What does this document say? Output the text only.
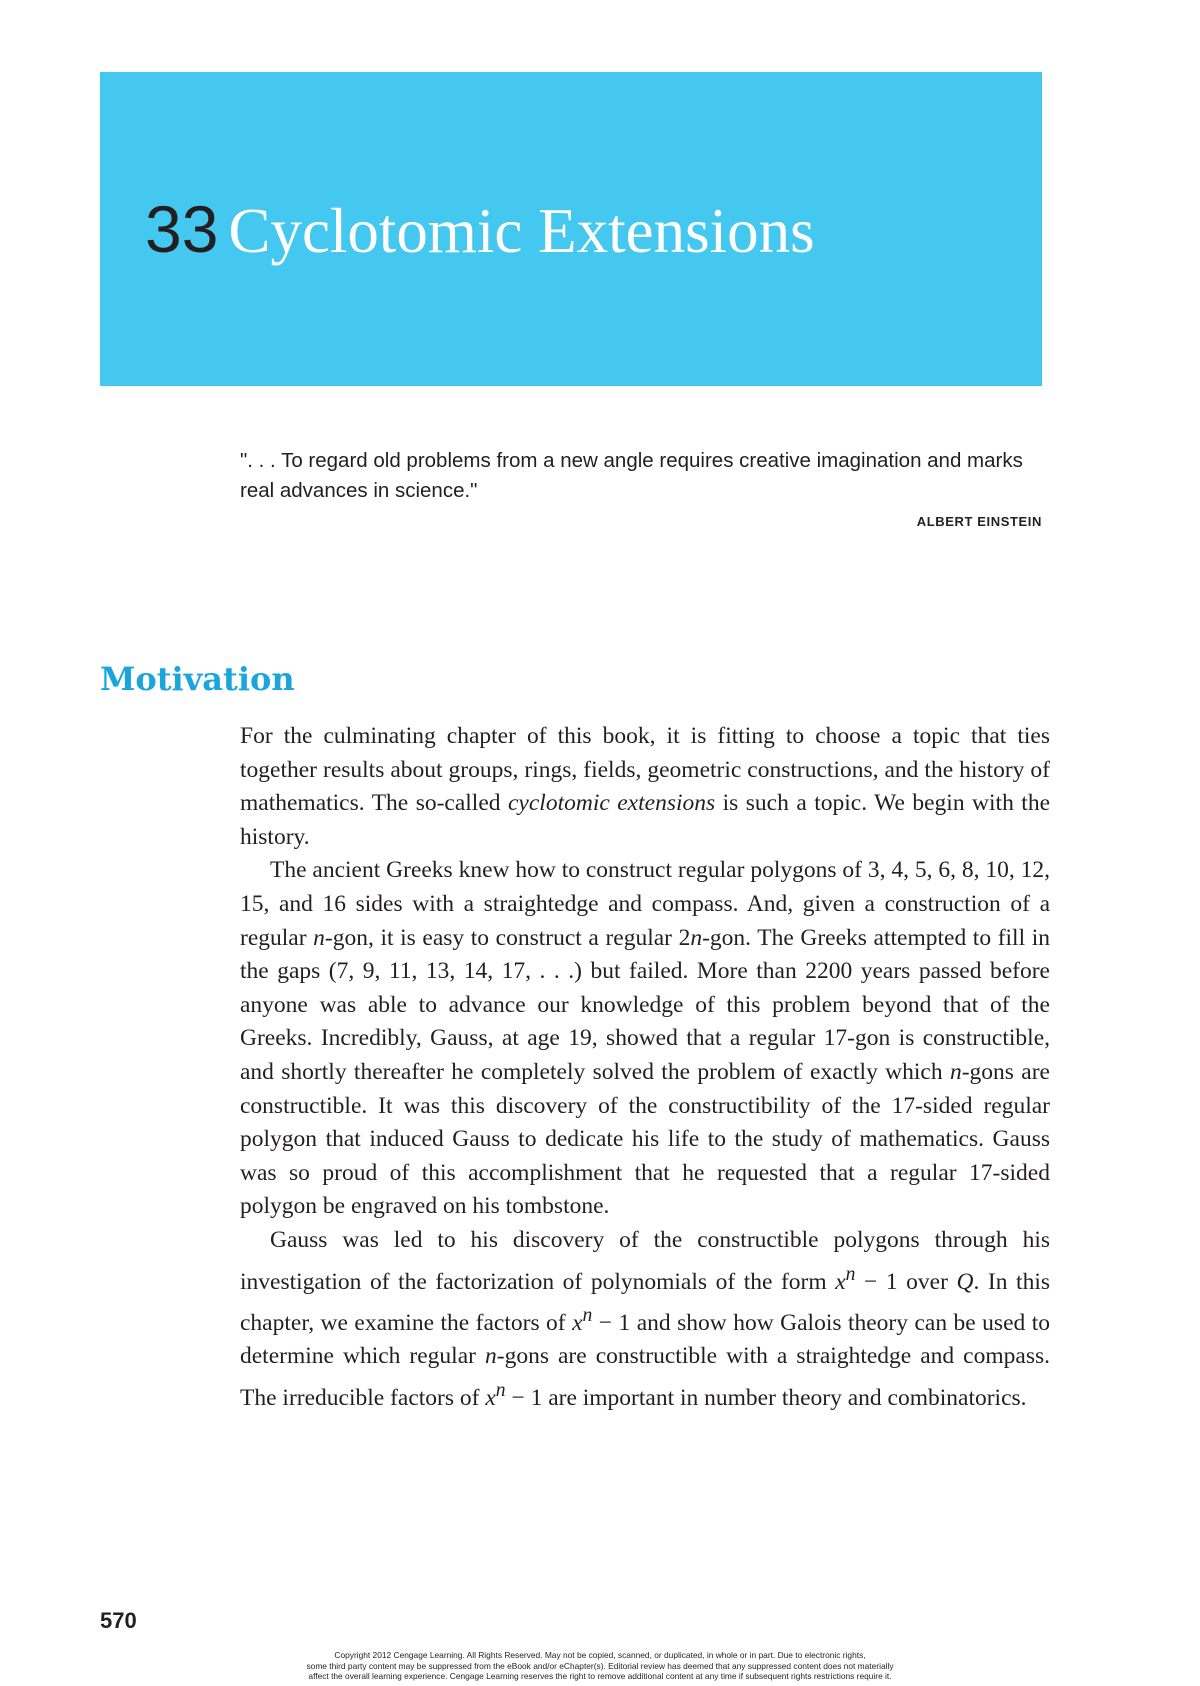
33 Cyclotomic Extensions

". . . To regard old problems from a new angle requires creative imagination and marks real advances in science."

ALBERT EINSTEIN
Motivation

For the culminating chapter of this book, it is fitting to choose a topic that ties together results about groups, rings, fields, geometric constructions, and the history of mathematics. The so-called cyclotomic extensions is such a topic. We begin with the history.

The ancient Greeks knew how to construct regular polygons of 3, 4, 5, 6, 8, 10, 12, 15, and 16 sides with a straightedge and compass. And, given a construction of a regular n-gon, it is easy to construct a regular 2n-gon. The Greeks attempted to fill in the gaps (7, 9, 11, 13, 14, 17, . . .) but failed. More than 2200 years passed before anyone was able to advance our knowledge of this problem beyond that of the Greeks. Incredibly, Gauss, at age 19, showed that a regular 17-gon is constructible, and shortly thereafter he completely solved the problem of exactly which n-gons are constructible. It was this discovery of the constructibility of the 17-sided regular polygon that induced Gauss to dedicate his life to the study of mathematics. Gauss was so proud of this accomplishment that he requested that a regular 17-sided polygon be engraved on his tombstone.

Gauss was led to his discovery of the constructible polygons through his investigation of the factorization of polynomials of the form $x^n - 1$ over Q. In this chapter, we examine the factors of $x^n - 1$ and show how Galois theory can be used to determine which regular n-gons are constructible with a straightedge and compass. The irreducible factors of $x^n - 1$ are important in number theory and combinatorics.

570
Copyright 2012 Cengage Learning. All Rights Reserved. May not be copied, scanned, or duplicated, in whole or in part. Due to electronic rights,
some third party content may be suppressed from the eBook and/or eChapter(s). Editorial review has deemed that any suppressed content does not materially
affect the overall learning experience. Cengage Learning reserves the right to remove additional content at any time if subsequent rights restrictions require it.
